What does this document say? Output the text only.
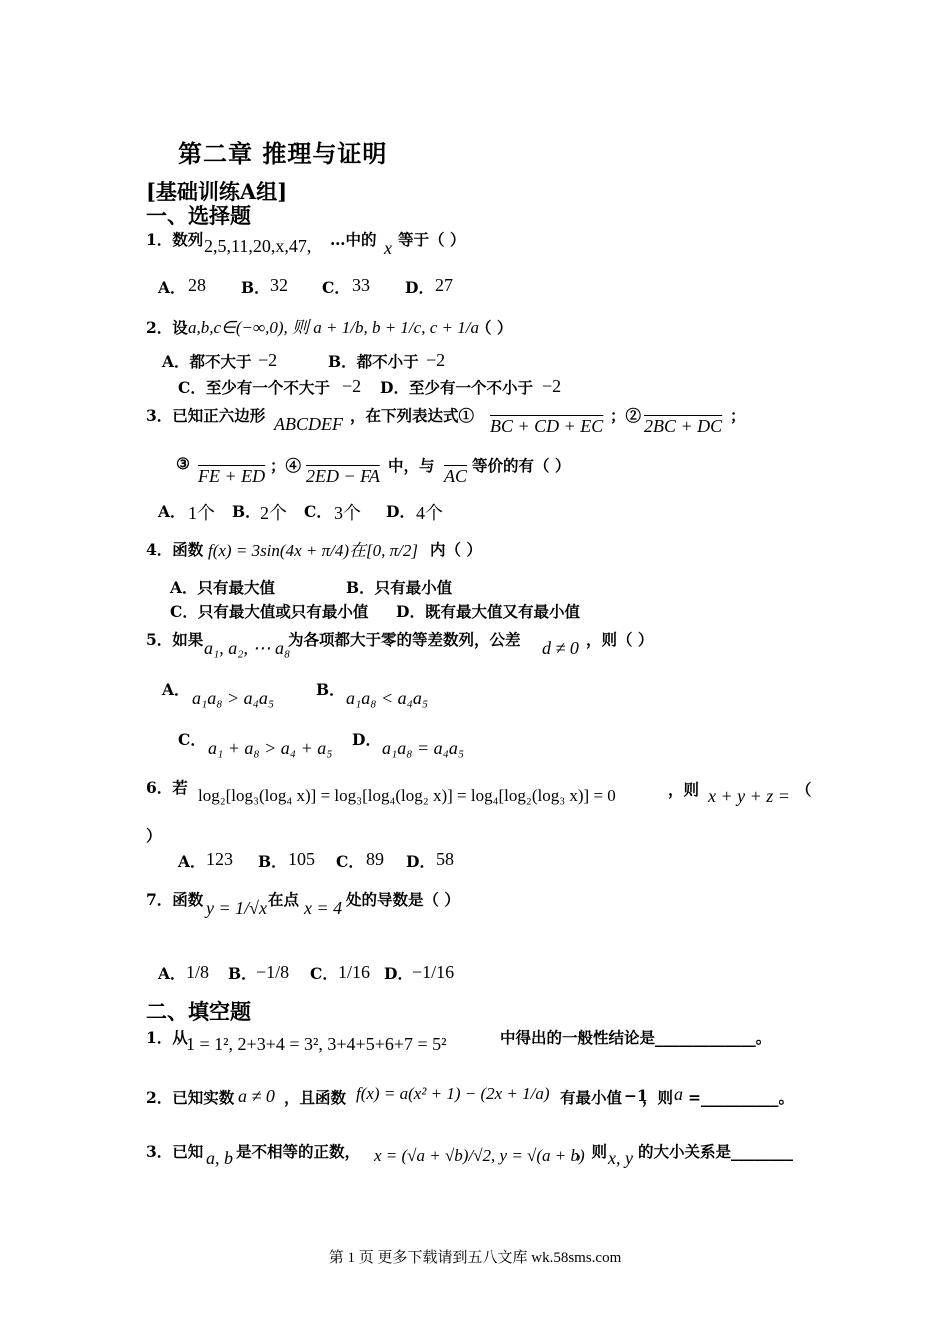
第二章 推理与证明
[基础训练A组]
一、选择题
1．数列 2,5,11,20,x,47, …中的 x 等于（ ）
A． 28 B． 32 C． 33 D． 27
2．设 a,b,c∈(−∞,0), 则 a + 1/b, b + 1/c, c + 1/a
（ ）
A．都不大于 −2	B．都不小于 −2
C．至少有一个不大于 −2 D．至少有一个不小于 −2
3．已知正六边形 ABCDEF ，在下列表达式①
BC + CD + EC
；②
2BC + DC
；
③
FE + ED
；④
2ED − FA
中，与
$\overline{AC}$
等价的有（ ）
A． 1个 B． 2个 C． 3个 D． 4个
4．函数 f(x) = 3sin(4x + π/4)在[0, π/2] 内（ ）
A．只有最大值	B．只有最小值
C．只有最大值或只有最小值 D．既有最大值又有最小值
5．如果 a₁, a₂, ⋯ a₈
为各项都大于零的等差数列，公差 d ≠ 0 ，则（ ）
A． a₁a₈ > a₄a₅	B． a₁a₈ < a₄a₅
C． a₁ + a₈ > a₄ + a₅ D． a₁a₈ = a₄a₅
6．若 log₂[log₃(log₄ x)] = log₃[log₄(log₂ x)] = log₄[log₂(log₃ x)] = 0	，则 x + y + z = （
）
A． 123 B． 105 C． 89 D． 58
7．函数 y = 1/√x 在点 x = 4 处的导数是（ ）
A． 1/8 B． −1/8 C． 1/16 D． −1/16
二、填空题
1．从
1 = 1², 2+3+4 = 3², 3+4+5+6+7 = 5²	中得出的一般性结论是_____________。
2．已知实数 a ≠ 0 ，且函数 f(x) = a(x² + 1) − (2x + 1/a) 有最小值 −1
，则 a =__________。
3．已知 a, b 是不相等的正数， x = (√a + √b)/√2, y = √(a + b)
，则 x, y 的大小关系是________
第 1 页 更多下载请到五八文库 wk.58sms.com
